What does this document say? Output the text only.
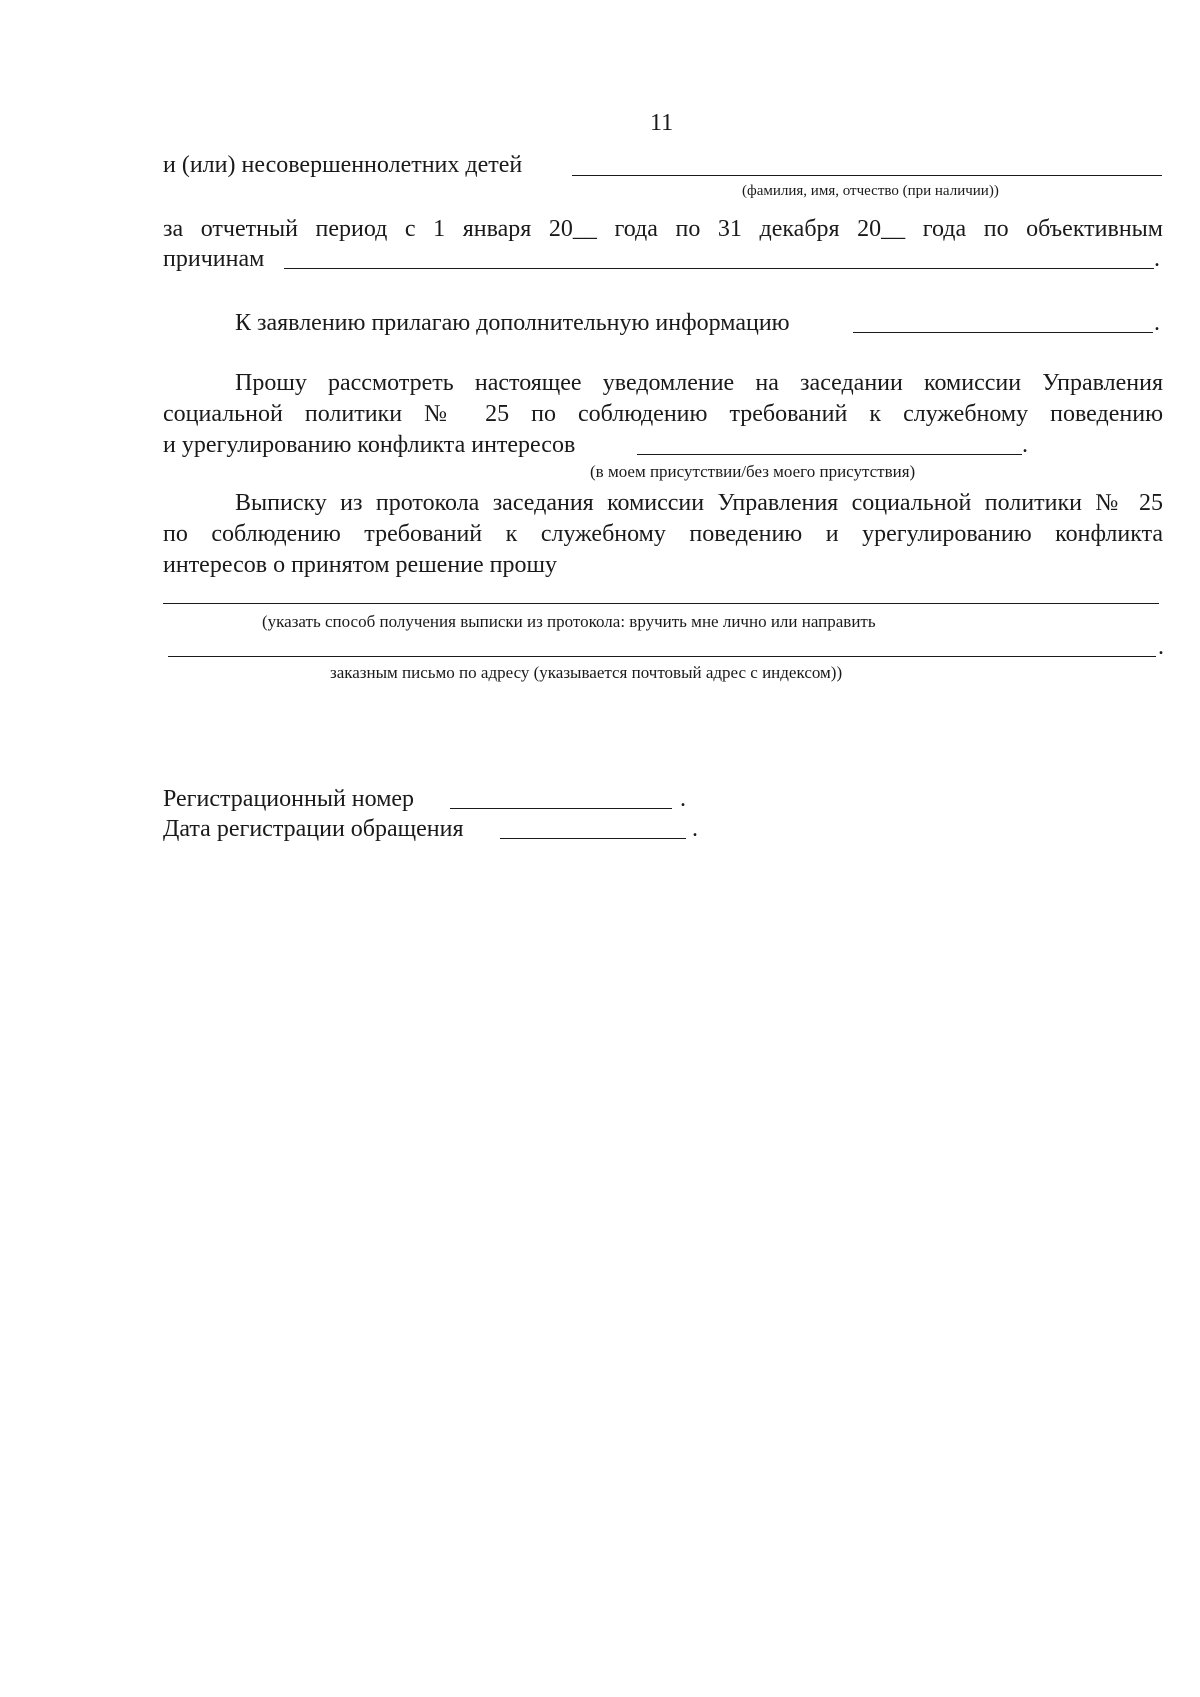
11
и (или) несовершеннолетних детей
(фамилия, имя, отчество (при наличии))
за отчетный период с 1 января 20__ года по 31 декабря 20__ года по объективным
причинам	.
К заявлению прилагаю дополнительную информацию	.
Прошу рассмотреть настоящее уведомление на заседании комиссии Управления
социальной политики № 25 по соблюдению требований к служебному поведению
и урегулированию конфликта интересов	.
(в моем присутствии/без моего присутствия)
Выписку из протокола заседания комиссии Управления социальной политики № 25
по соблюдению требований к служебному поведению и урегулированию конфликта
интересов о принятом решение прошу
(указать способ получения выписки из протокола: вручить мне лично или направить
.
заказным письмо по адресу (указывается почтовый адрес с индексом))
Регистрационный номер	.
Дата регистрации обращения	.
